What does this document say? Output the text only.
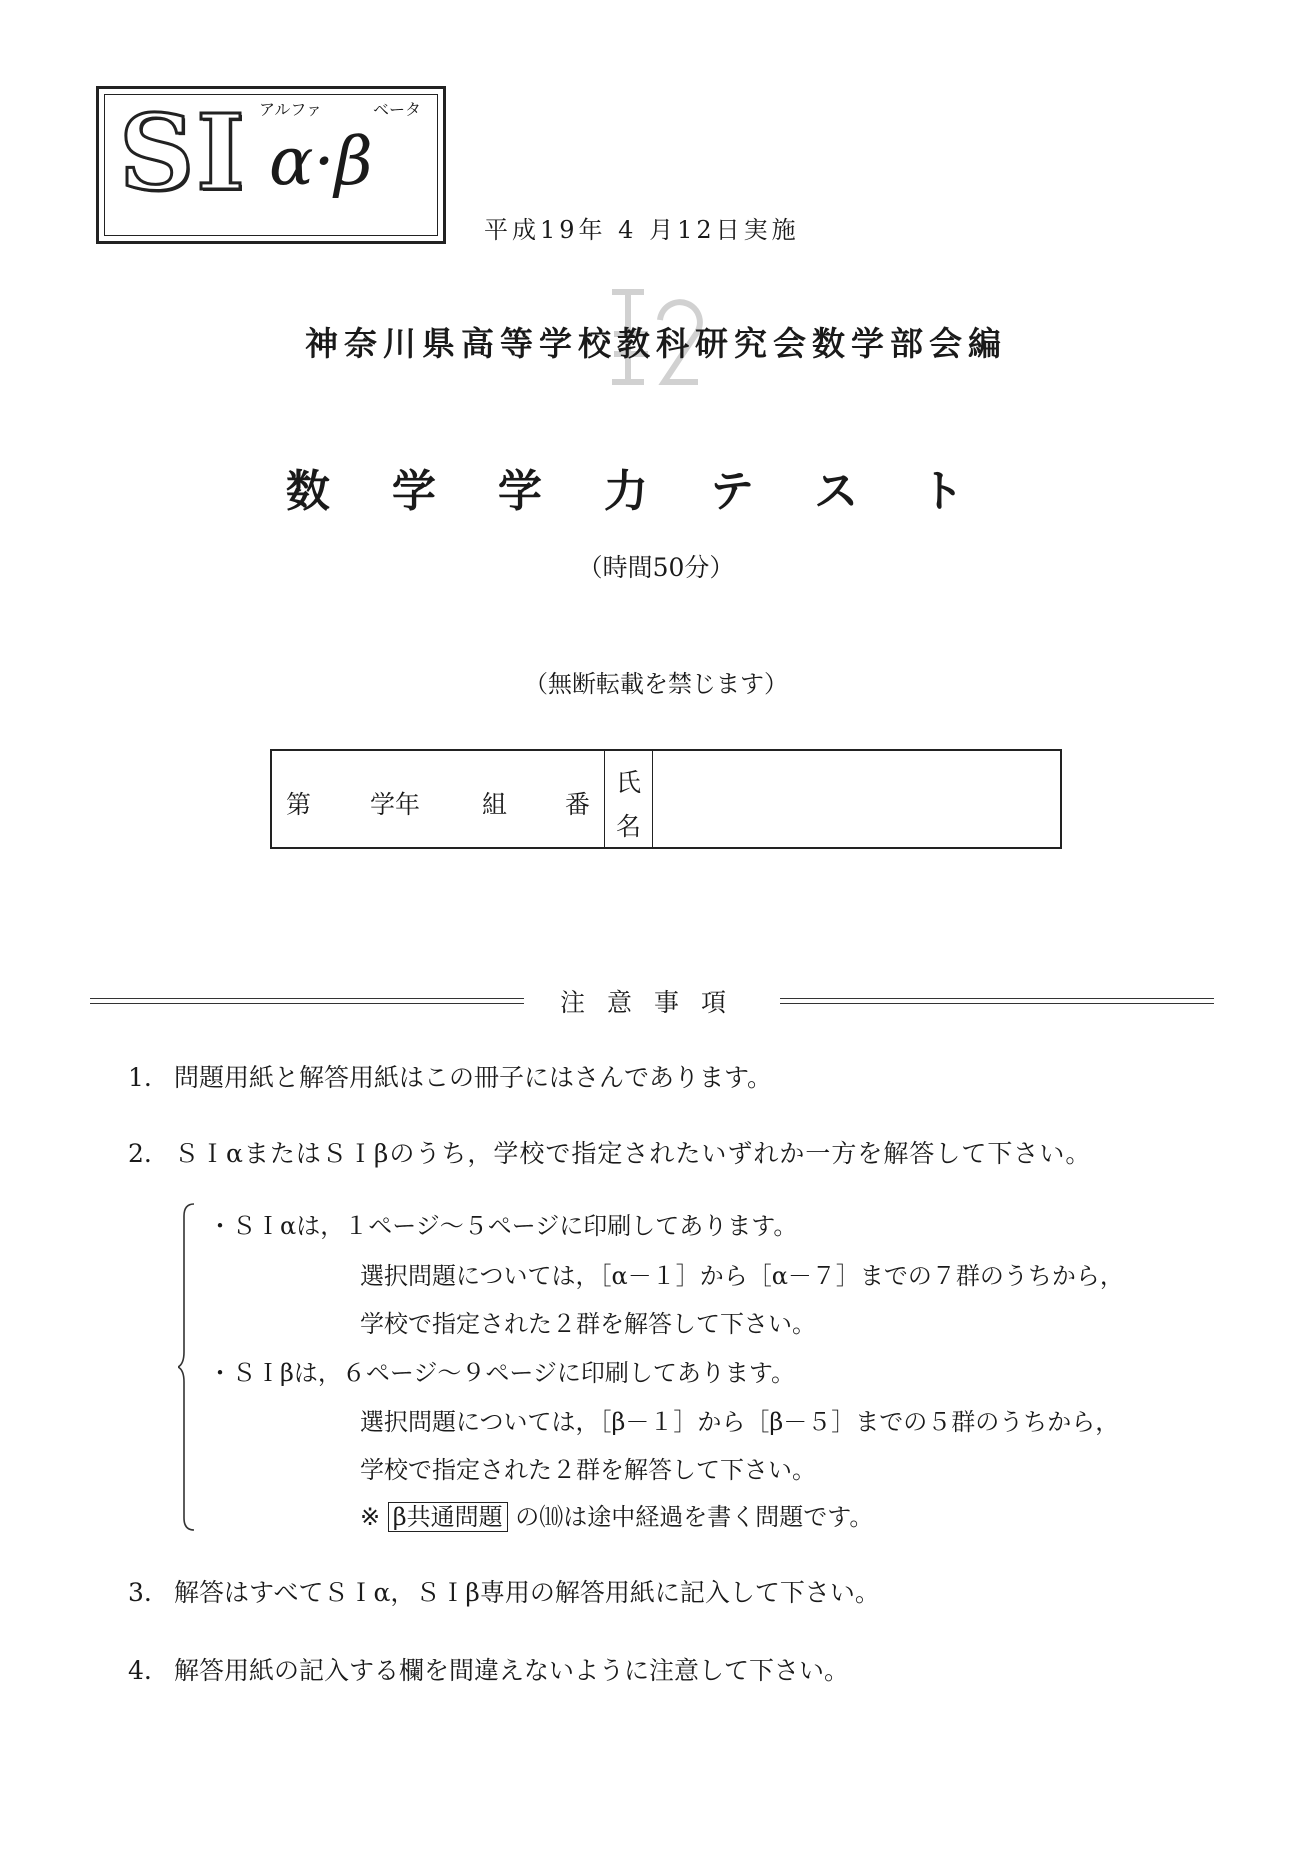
アルファ	ベータ
SI α·β
平成19年 4 月12日実施
神奈川県高等学校教科研究会数学部会編
数学学力テスト
（時間50分）
（無断転載を禁じます）
第 学年 組 番
氏
名
注意事項
1. 問題用紙と解答用紙はこの冊子にはさんであります。
2. ＳＩαまたはＳＩβのうち，学校で指定されたいずれか一方を解答して下さい。
・ＳＩαは，１ページ～５ページに印刷してあります。
選択問題については，［α－１］から［α－７］までの７群のうちから，
学校で指定された２群を解答して下さい。
・ＳＩβは，６ページ～９ページに印刷してあります。
選択問題については，［β－１］から［β－５］までの５群のうちから，
学校で指定された２群を解答して下さい。
※ β共通問題 の⑽は途中経過を書く問題です。
3. 解答はすべてＳＩα，ＳＩβ専用の解答用紙に記入して下さい。
4. 解答用紙の記入する欄を間違えないように注意して下さい。
